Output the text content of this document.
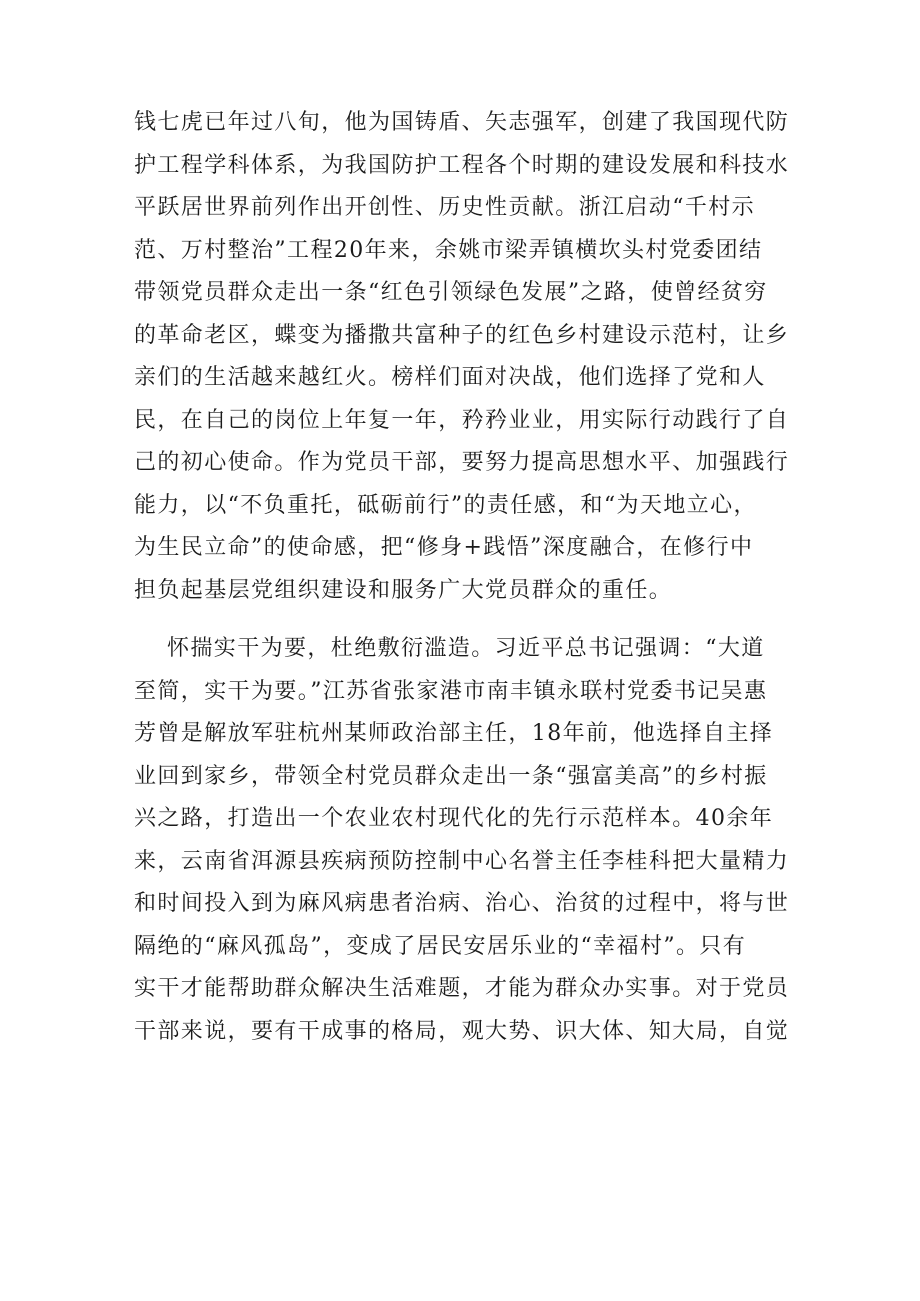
钱七虎已年过八旬，他为国铸盾、矢志强军，创建了我国现代防
护工程学科体系，为我国防护工程各个时期的建设发展和科技水
平跃居世界前列作出开创性、历史性贡献。浙江启动“千村示
范、万村整治”工程20年来，余姚市梁弄镇横坎头村党委团结
带领党员群众走出一条“红色引领绿色发展”之路，使曾经贫穷
的革命老区，蝶变为播撒共富种子的红色乡村建设示范村，让乡
亲们的生活越来越红火。榜样们面对决战，他们选择了党和人
民，在自己的岗位上年复一年，矜矜业业，用实际行动践行了自
己的初心使命。作为党员干部，要努力提高思想水平、加强践行
能力，以“不负重托，砥砺前行”的责任感，和“为天地立心，
为生民立命”的使命感，把“修身+践悟”深度融合，在修行中
担负起基层党组织建设和服务广大党员群众的重任。
怀揣实干为要，杜绝敷衍滥造。习近平总书记强调：“大道
至简，实干为要。”江苏省张家港市南丰镇永联村党委书记吴惠
芳曾是解放军驻杭州某师政治部主任，18年前，他选择自主择
业回到家乡，带领全村党员群众走出一条“强富美高”的乡村振
兴之路，打造出一个农业农村现代化的先行示范样本。40余年
来，云南省洱源县疾病预防控制中心名誉主任李桂科把大量精力
和时间投入到为麻风病患者治病、治心、治贫的过程中，将与世
隔绝的“麻风孤岛”，变成了居民安居乐业的“幸福村”。只有
实干才能帮助群众解决生活难题，才能为群众办实事。对于党员
干部来说，要有干成事的格局，观大势、识大体、知大局，自觉
